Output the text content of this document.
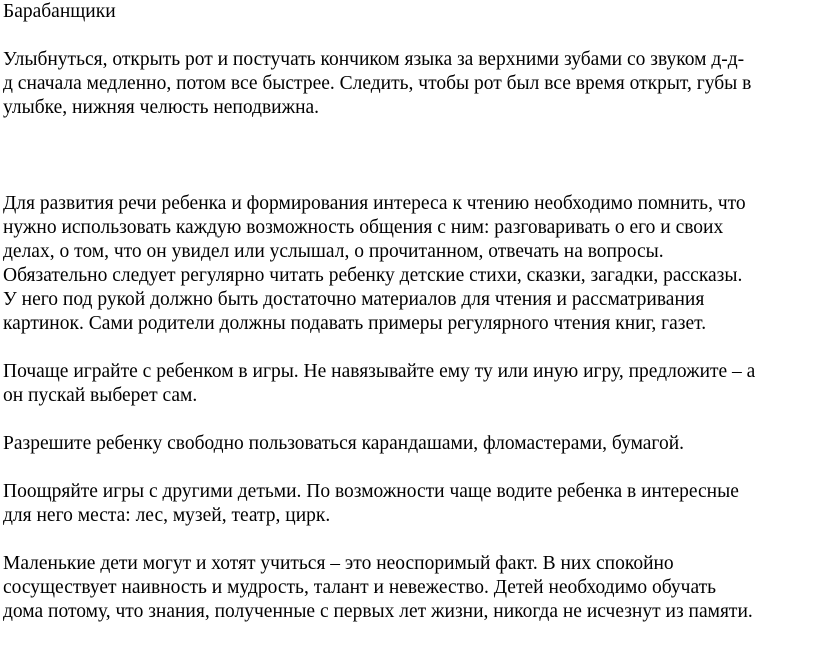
Барабанщики
Улыбнуться, открыть рот и постучать кончиком языка за верхними зубами со звуком д-д-
д сначала медленно, потом все быстрее. Следить, чтобы рот был все время открыт, губы в
улыбке, нижняя челюсть неподвижна.
Для развития речи ребенка и формирования интереса к чтению необходимо помнить, что
нужно использовать каждую возможность общения с ним: разговаривать о его и своих
делах, о том, что он увидел или услышал, о прочитанном, отвечать на вопросы.
Обязательно следует регулярно читать ребенку детские стихи, сказки, загадки, рассказы.
У него под рукой должно быть достаточно материалов для чтения и рассматривания
картинок. Сами родители должны подавать примеры регулярного чтения книг, газет.
Почаще играйте с ребенком в игры. Не навязывайте ему ту или иную игру, предложите – а
он пускай выберет сам.
Разрешите ребенку свободно пользоваться карандашами, фломастерами, бумагой.
Поощряйте игры с другими детьми. По возможности чаще водите ребенка в интересные
для него места: лес, музей, театр, цирк.
Маленькие дети могут и хотят учиться – это неоспоримый факт. В них спокойно
сосуществует наивность и мудрость, талант и невежество. Детей необходимо обучать
дома потому, что знания, полученные с первых лет жизни, никогда не исчезнут из памяти.
